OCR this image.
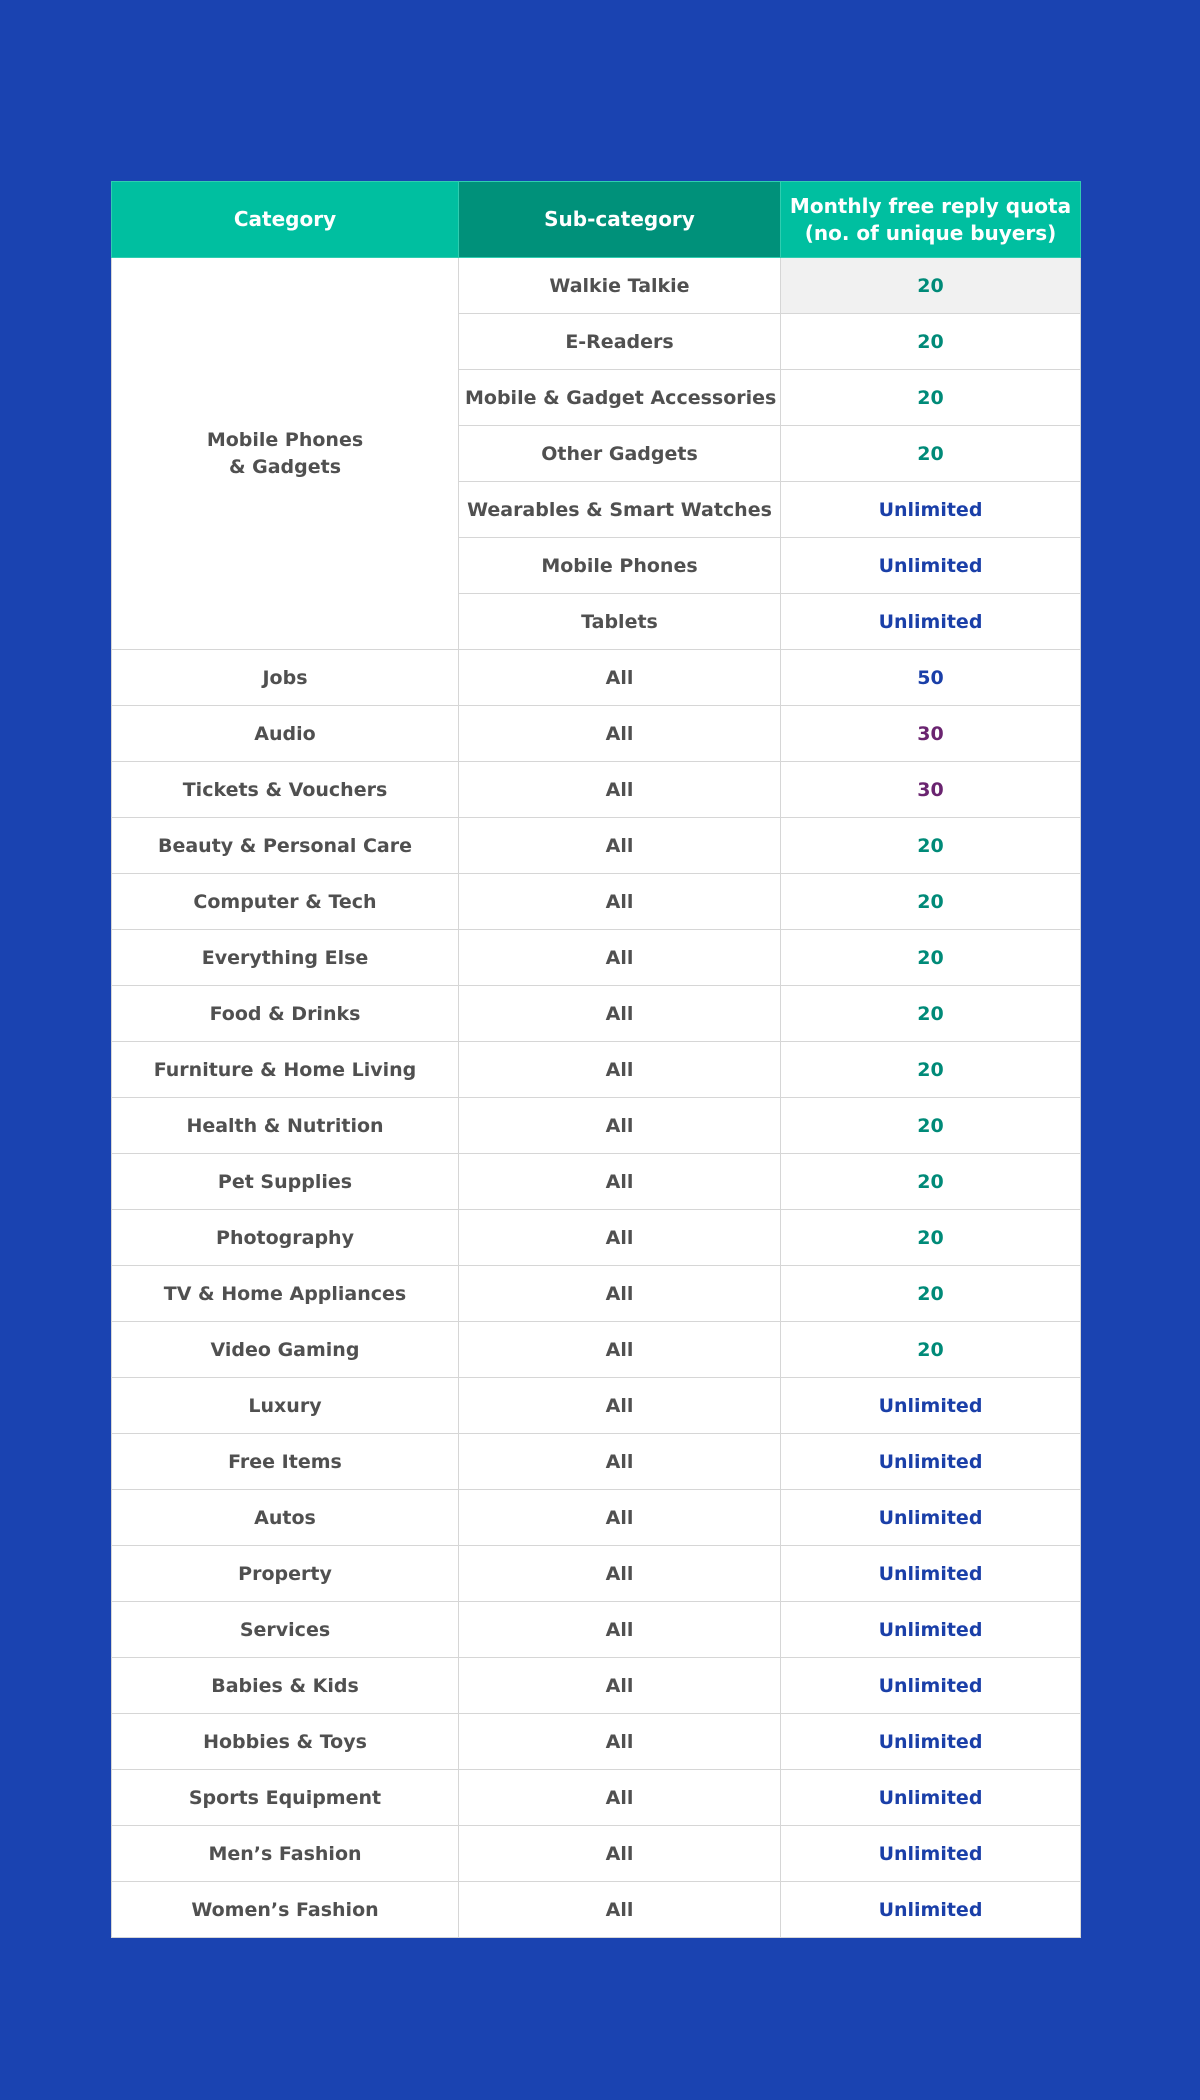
Category	Sub-category	Monthly free reply quota
(no. of unique buyers)
Mobile Phones
& Gadgets	Walkie Talkie	20
	E-Readers	20
	Mobile & Gadget Accessories	20
	Other Gadgets	20
	Wearables & Smart Watches	Unlimited
	Mobile Phones	Unlimited
	Tablets	Unlimited
Jobs	All	50
Audio	All	30
Tickets & Vouchers	All	30
Beauty & Personal Care	All	20
Computer & Tech	All	20
Everything Else	All	20
Food & Drinks	All	20
Furniture & Home Living	All	20
Health & Nutrition	All	20
Pet Supplies	All	20
Photography	All	20
TV & Home Appliances	All	20
Video Gaming	All	20
Luxury	All	Unlimited
Free Items	All	Unlimited
Autos	All	Unlimited
Property	All	Unlimited
Services	All	Unlimited
Babies & Kids	All	Unlimited
Hobbies & Toys	All	Unlimited
Sports Equipment	All	Unlimited
Men’s Fashion	All	Unlimited
Women’s Fashion	All	Unlimited
